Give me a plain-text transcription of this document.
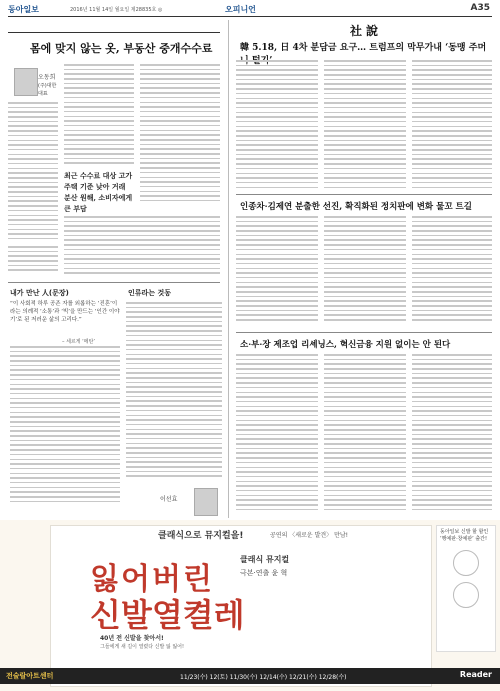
동아일보	2016년 11월 14일 월요일 제28835호 ◎	오피니언	A35
몸에 맞지 않는 옷, 부동산 중개수수료
오동희
(주)대한 대표
최근 수수료 대상 고가주택 기준 낮아 거래 분산 원해, 소비자에게 큰 부담
社說
韓 5.18, 日 4차 분담금 요구… 트럼프의 막무가내 ‘동맹 주머
인종차·김제연 분출한 선진, 확직화된 정치판에 변화 물꼬 트길
소·부·장 제조업 리셰닝스, 혁신금융 지원 없이는 안 된다
내가 만난 人(문장)	인류라는 것동
“이 사회적 하루 공존 자를 외롭하는 ‘진혼’이라는 의례적 ‘소통’과 ‘빅’을 만드는 ‘인간 이야기’로 된 저러운 삶의 고리다.”
– 세르게 ‘메탄’
이선효
클래식으로 뮤지컬을!	공연의 〈새로운 발견〉 만남!
잃어버린
신발열켤레
클래식 뮤지컬
극본·연출 윤 혁
40년 전 신발을 찾아서!
그들에게 새 길이 열렸다 신발 잃 잃어!
동아일보 신발 할 할인 ‘행예판·창예판’ 출간!
전술랄아트센터	11/23(수) 12(토) 11/30(수) 12/14(수) 12/21(수) 12/28(수)	Reader
